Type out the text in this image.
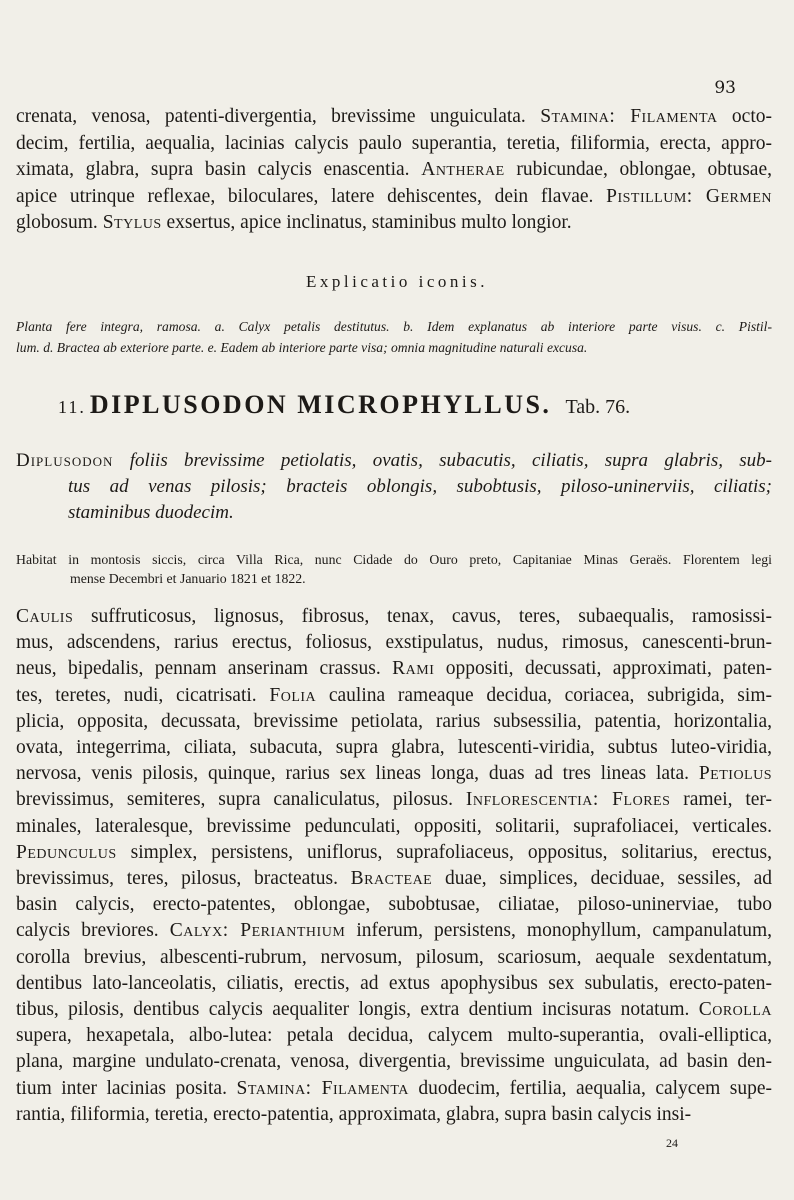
93
crenata, venosa, patenti-divergentia, brevissime unguiculata. Stamina: Filamenta octo-
decim, fertilia, aequalia, lacinias calycis paulo superantia, teretia, filiformia, erecta, appro-
ximata, glabra, supra basin calycis enascentia. Antherae rubicundae, oblongae, obtusae,
apice utrinque reflexae, biloculares, latere dehiscentes, dein flavae. Pistillum: Germen
globosum. Stylus exsertus, apice inclinatus, staminibus multo longior.
Explicatio iconis.
Planta fere integra, ramosa. a. Calyx petalis destitutus. b. Idem explanatus ab interiore parte visus. c. Pistil-
lum. d. Bractea ab exteriore parte. e. Eadem ab interiore parte visa; omnia magnitudine naturali excusa.
11. DIPLUSODON MICROPHYLLUS. Tab. 76.
Diplusodon foliis brevissime petiolatis, ovatis, subacutis, ciliatis, supra glabris, sub-
tus ad venas pilosis; bracteis oblongis, subobtusis, piloso-uninerviis, ciliatis;
staminibus duodecim.
Habitat in montosis siccis, circa Villa Rica, nunc Cidade do Ouro preto, Capitaniae Minas Geraës. Florentem legi
mense Decembri et Januario 1821 et 1822.
Caulis suffruticosus, lignosus, fibrosus, tenax, cavus, teres, subaequalis, ramosissi-
mus, adscendens, rarius erectus, foliosus, exstipulatus, nudus, rimosus, canescenti-brun-
neus, bipedalis, pennam anserinam crassus. Rami oppositi, decussati, approximati, paten-
tes, teretes, nudi, cicatrisati. Folia caulina rameaque decidua, coriacea, subrigida, sim-
plicia, opposita, decussata, brevissime petiolata, rarius subsessilia, patentia, horizontalia,
ovata, integerrima, ciliata, subacuta, supra glabra, lutescenti-viridia, subtus luteo-viridia,
nervosa, venis pilosis, quinque, rarius sex lineas longa, duas ad tres lineas lata. Petiolus
brevissimus, semiteres, supra canaliculatus, pilosus. Inflorescentia: Flores ramei, ter-
minales, lateralesque, brevissime pedunculati, oppositi, solitarii, suprafoliacei, verticales.
Pedunculus simplex, persistens, uniflorus, suprafoliaceus, oppositus, solitarius, erectus,
brevissimus, teres, pilosus, bracteatus. Bracteae duae, simplices, deciduae, sessiles, ad
basin calycis, erecto-patentes, oblongae, subobtusae, ciliatae, piloso-uninerviae, tubo
calycis breviores. Calyx: Perianthium inferum, persistens, monophyllum, campanulatum,
corolla brevius, albescenti-rubrum, nervosum, pilosum, scariosum, aequale sexdentatum,
dentibus lato-lanceolatis, ciliatis, erectis, ad extus apophysibus sex subulatis, erecto-paten-
tibus, pilosis, dentibus calycis aequaliter longis, extra dentium incisuras notatum. Corolla
supera, hexapetala, albo-lutea: petala decidua, calycem multo-superantia, ovali-elliptica,
plana, margine undulato-crenata, venosa, divergentia, brevissime unguiculata, ad basin den-
tium inter lacinias posita. Stamina: Filamenta duodecim, fertilia, aequalia, calycem supe-
rantia, filiformia, teretia, erecto-patentia, approximata, glabra, supra basin calycis insi-
24
